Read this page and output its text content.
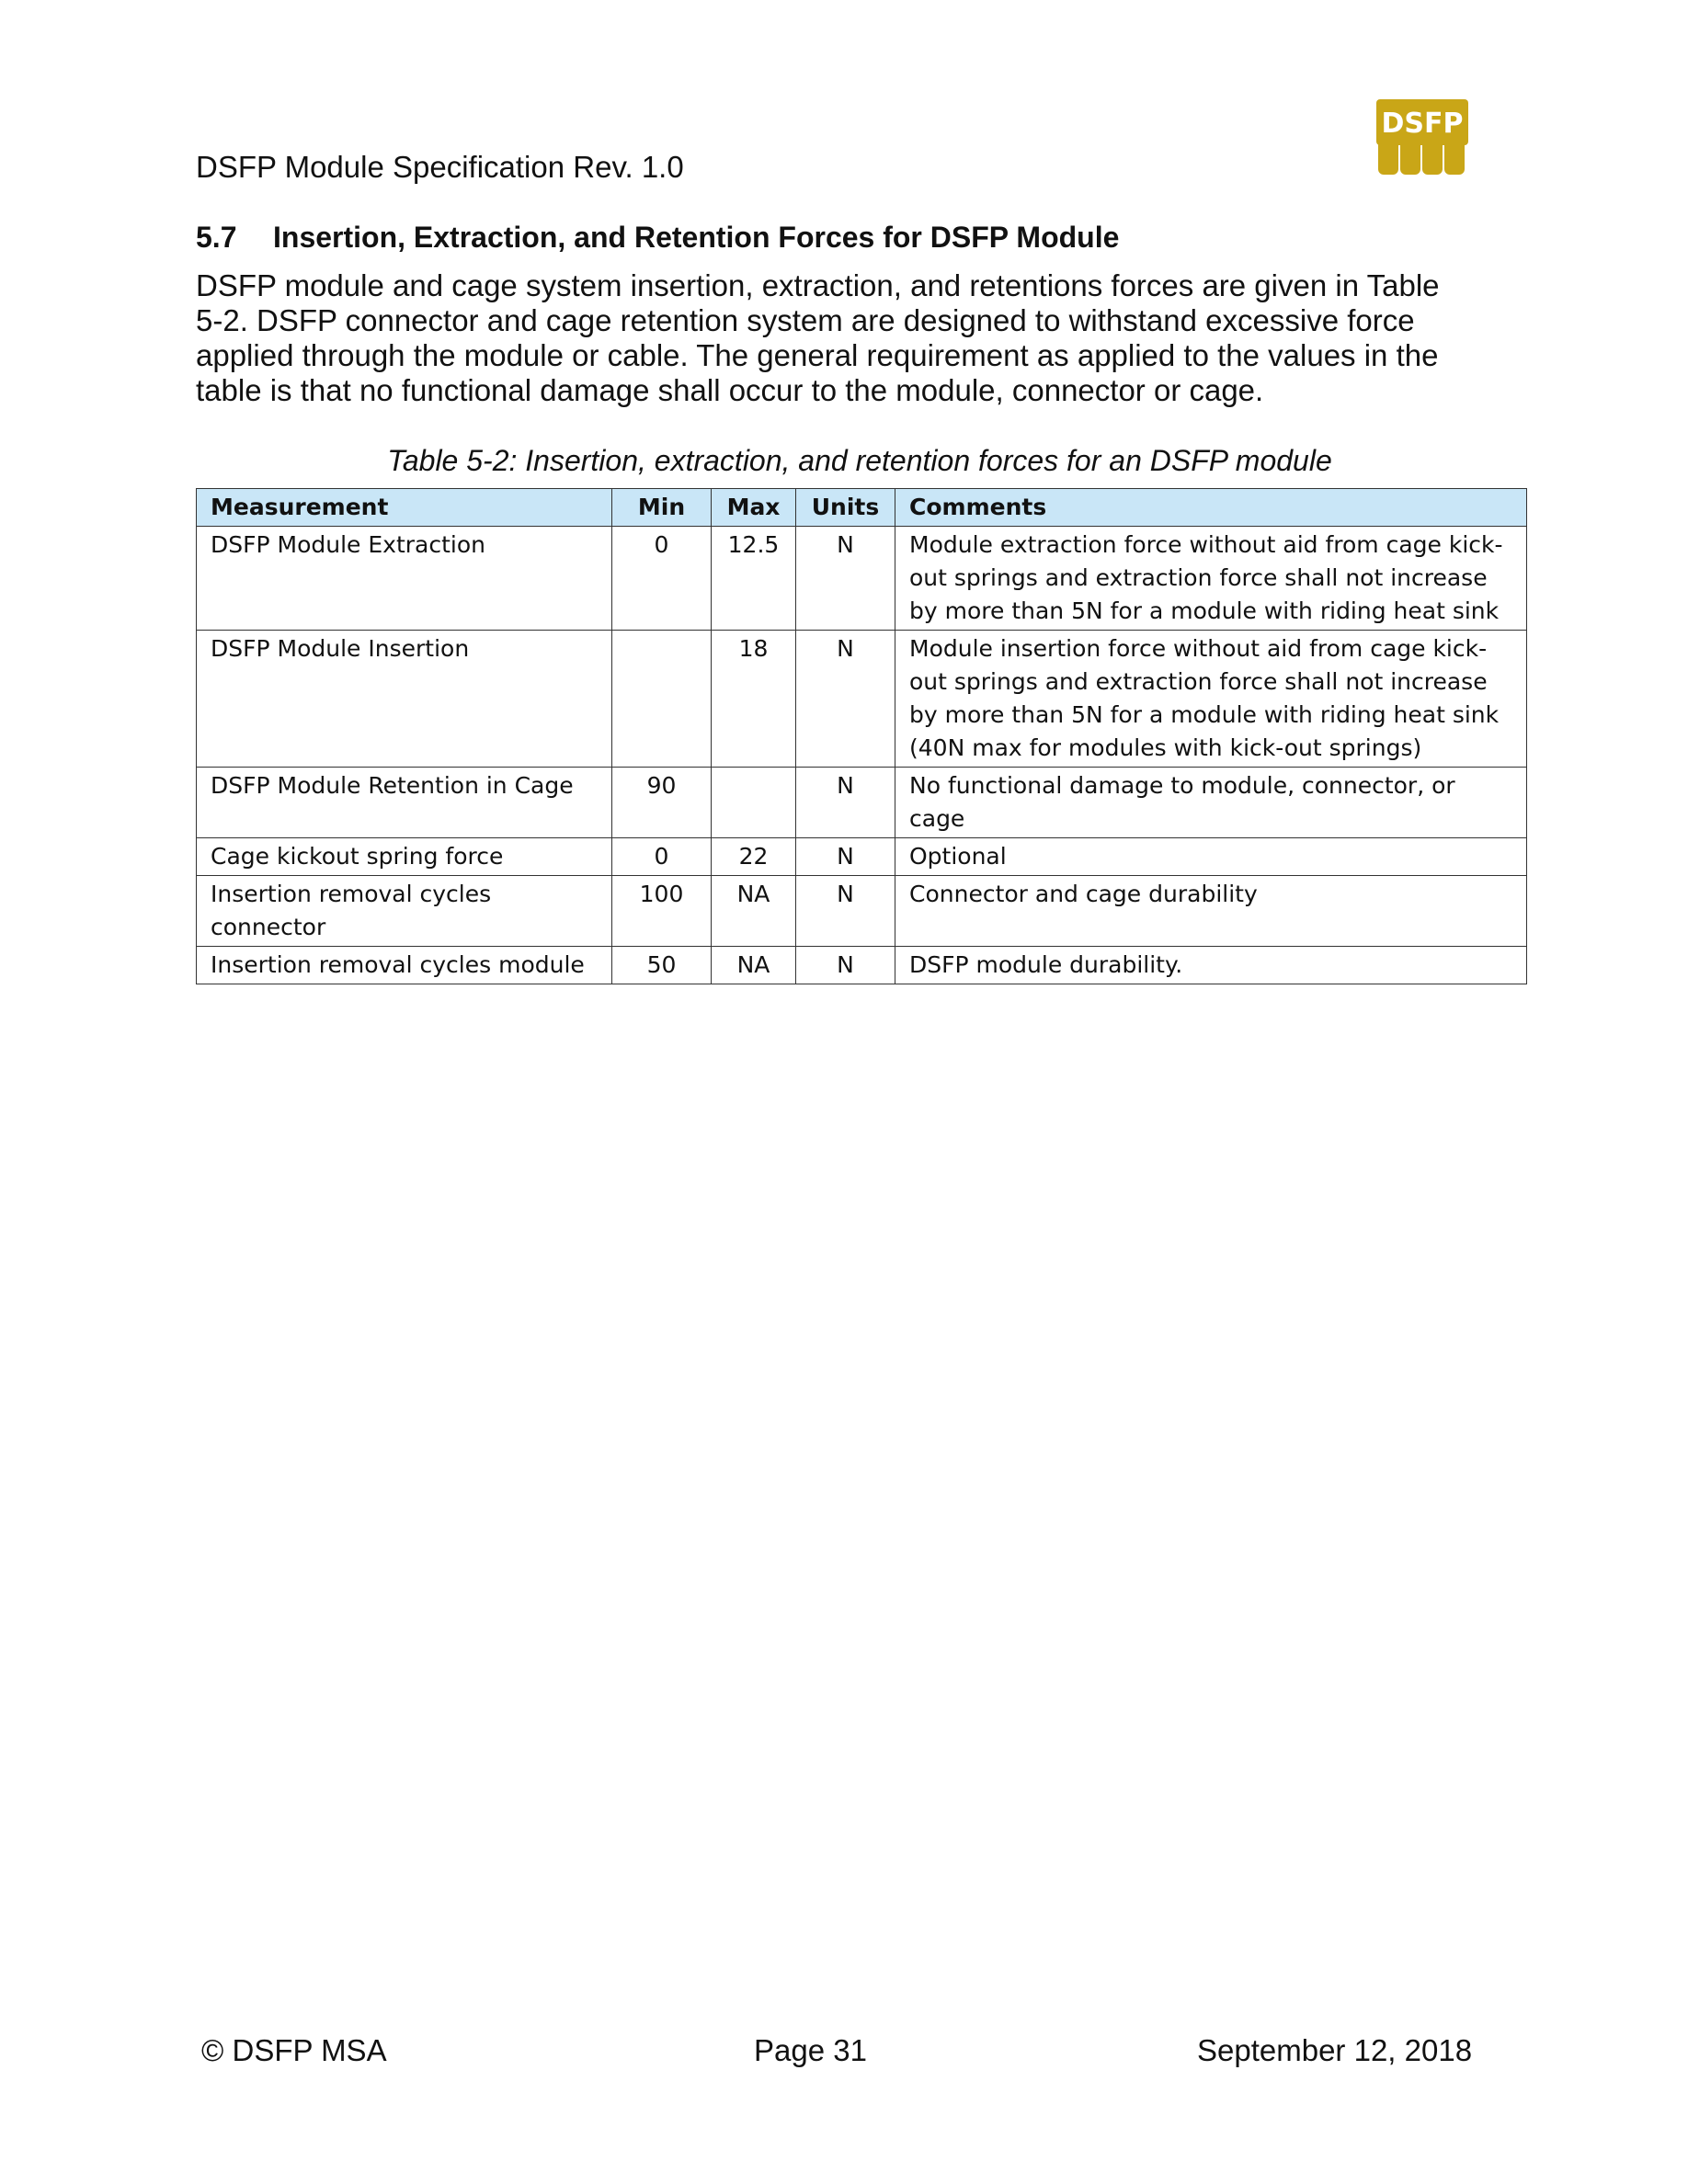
DSFP Module Specification Rev. 1.0
DSFP
5.7 Insertion, Extraction, and Retention Forces for DSFP Module

DSFP module and cage system insertion, extraction, and retentions forces are given in Table 5-2. DSFP connector and cage retention system are designed to withstand excessive force applied through the module or cable. The general requirement as applied to the values in the table is that no functional damage shall occur to the module, connector or cage.

Table 5-2: Insertion, extraction, and retention forces for an DSFP module
Measurement	Min	Max	Units	Comments
DSFP Module Extraction	0	12.5	N	Module extraction force without aid from cage kick-out springs and extraction force shall not increase by more than 5N for a module with riding heat sink
DSFP Module Insertion		18	N	Module insertion force without aid from cage kick-out springs and extraction force shall not increase by more than 5N for a module with riding heat sink (40N max for modules with kick-out springs)
DSFP Module Retention in Cage	90		N	No functional damage to module, connector, or cage
Cage kickout spring force	0	22	N	Optional
Insertion removal cycles connector	100	NA	N	Connector and cage durability
Insertion removal cycles module	50	NA	N	DSFP module durability.
© DSFP MSA	Page 31	September 12, 2018
